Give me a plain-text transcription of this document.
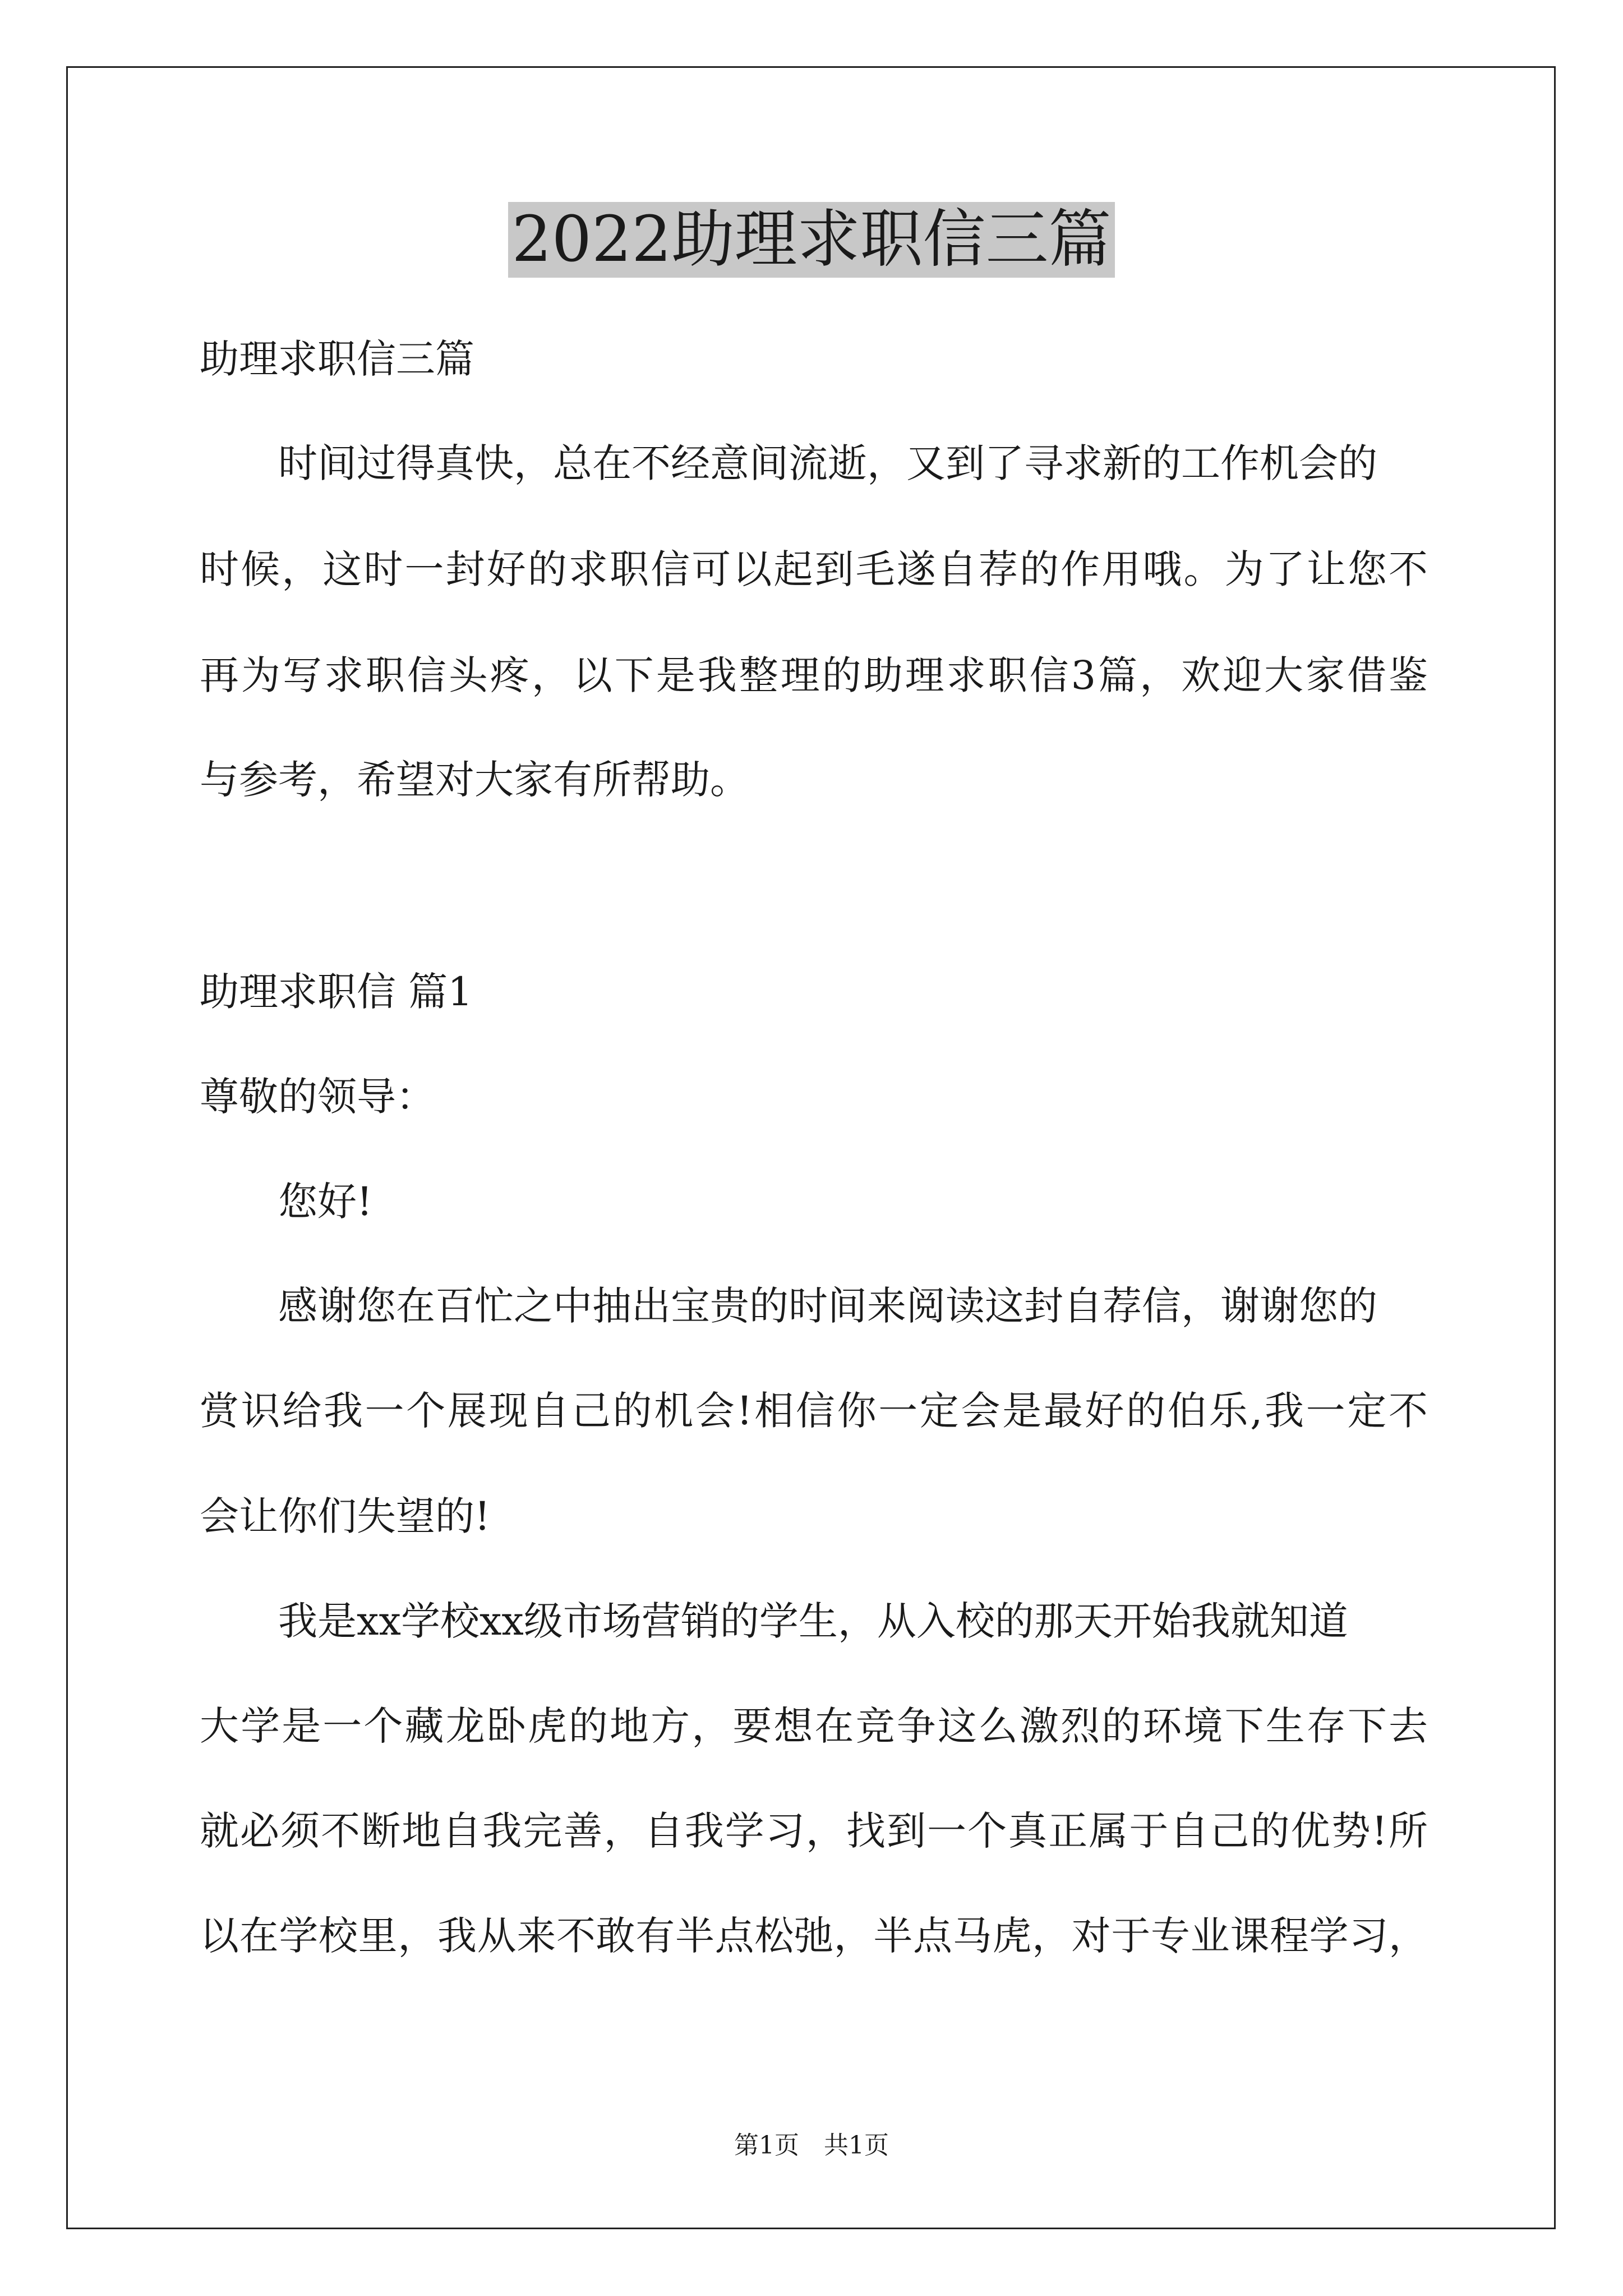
2022助理求职信三篇
助理求职信三篇
时间过得真快，总在不经意间流逝，又到了寻求新的工作机会的
时候，这时一封好的求职信可以起到毛遂自荐的作用哦。为了让您不
再为写求职信头疼，以下是我整理的助理求职信3篇，欢迎大家借鉴
与参考，希望对大家有所帮助。
助理求职信 篇1
尊敬的领导：
您好!
感谢您在百忙之中抽出宝贵的时间来阅读这封自荐信，谢谢您的
赏识给我一个展现自己的机会!相信你一定会是最好的伯乐,我一定不
会让你们失望的!
我是xx学校xx级市场营销的学生，从入校的那天开始我就知道
大学是一个藏龙卧虎的地方，要想在竞争这么激烈的环境下生存下去
就必须不断地自我完善，自我学习，找到一个真正属于自己的优势!所
以在学校里，我从来不敢有半点松弛，半点马虎，对于专业课程学习，
第1页　共1页
